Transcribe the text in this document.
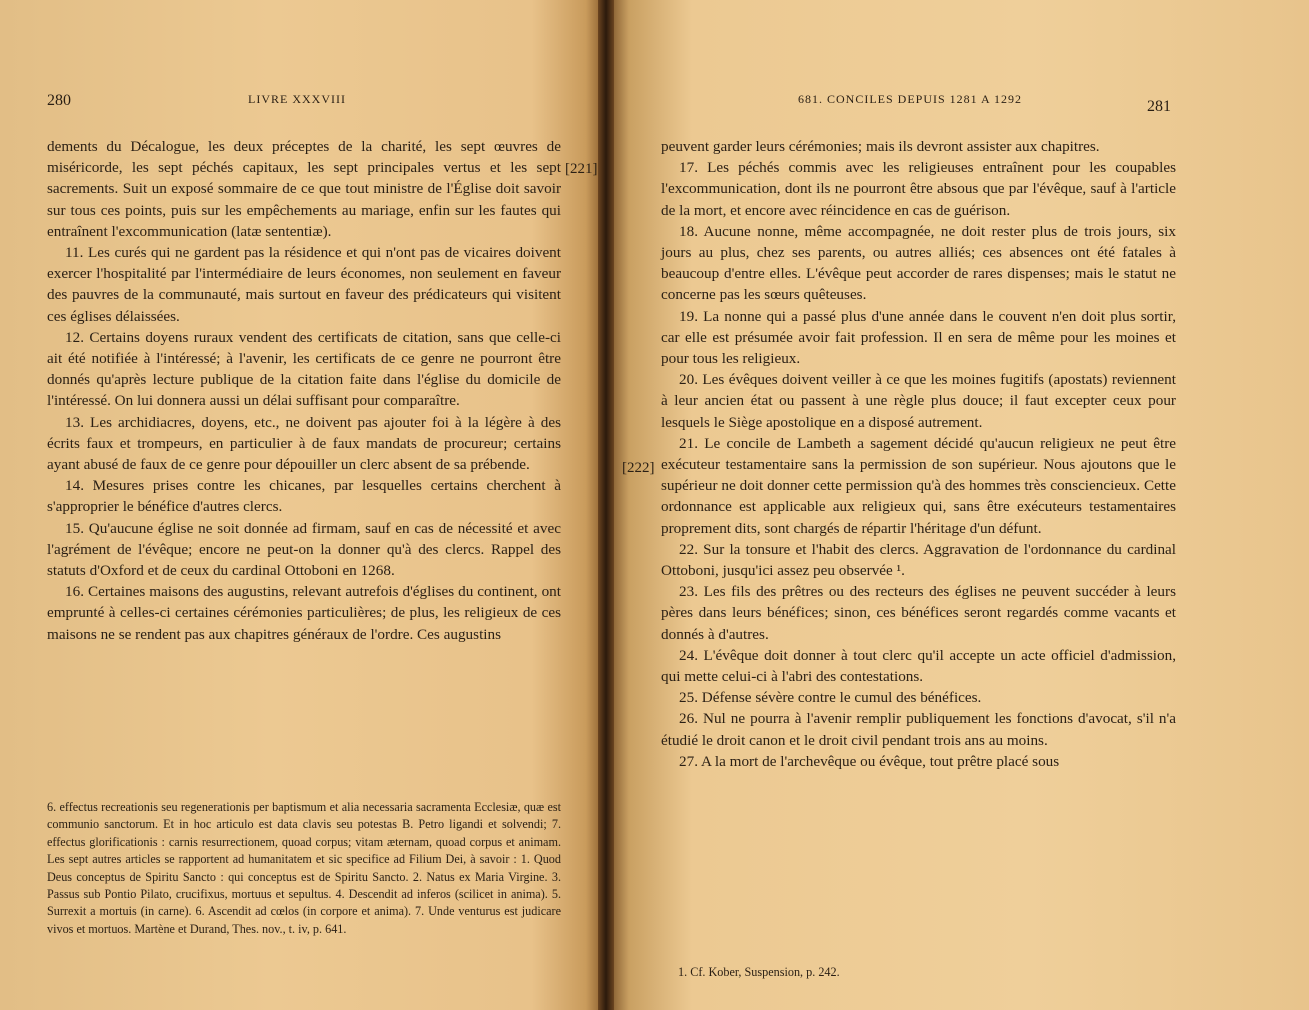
280	LIVRE XXXVIII

dements du Décalogue, les deux préceptes de la charité, les sept œuvres de miséricorde, les sept péchés capitaux, les sept principales vertus et les sept sacrements. Suit un exposé sommaire de ce que tout ministre de l'Église doit savoir sur tous ces points, puis sur les empêchements au mariage, enfin sur les fautes qui entraînent l'excommunication (latæ sententiæ).

11. Les curés qui ne gardent pas la résidence et qui n'ont pas de vicaires doivent exercer l'hospitalité par l'intermédiaire de leurs économes, non seulement en faveur des pauvres de la communauté, mais surtout en faveur des prédicateurs qui visitent ces églises délaissées.

12. Certains doyens ruraux vendent des certificats de citation, sans que celle-ci ait été notifiée à l'intéressé; à l'avenir, les certificats de ce genre ne pourront être donnés qu'après lecture publique de la citation faite dans l'église du domicile de l'intéressé. On lui donnera aussi un délai suffisant pour comparaître.

13. Les archidiacres, doyens, etc., ne doivent pas ajouter foi à la légère à des écrits faux et trompeurs, en particulier à de faux mandats de procureur; certains ayant abusé de faux de ce genre pour dépouiller un clerc absent de sa prébende.

14. Mesures prises contre les chicanes, par lesquelles certains cherchent à s'approprier le bénéfice d'autres clercs.

15. Qu'aucune église ne soit donnée ad firmam, sauf en cas de nécessité et avec l'agrément de l'évêque; encore ne peut-on la donner qu'à des clercs. Rappel des statuts d'Oxford et de ceux du cardinal Ottoboni en 1268.

16. Certaines maisons des augustins, relevant autrefois d'églises du continent, ont emprunté à celles-ci certaines cérémonies particulières; de plus, les religieux de ces maisons ne se rendent pas aux chapitres généraux de l'ordre. Ces augustins

[221]

6. effectus recreationis seu regenerationis per baptismum et alia necessaria sacramenta Ecclesiæ, quæ est communio sanctorum. Et in hoc articulo est data clavis seu potestas B. Petro ligandi et solvendi; 7. effectus glorificationis : carnis resurrectionem, quoad corpus; vitam æternam, quoad corpus et animam. Les sept autres articles se rapportent ad humanitatem et sic specifice ad Filium Dei, à savoir : 1. Quod Deus conceptus de Spiritu Sancto : qui conceptus est de Spiritu Sancto. 2. Natus ex Maria Virgine. 3. Passus sub Pontio Pilato, crucifixus, mortuus et sepultus. 4. Descendit ad inferos (scilicet in anima). 5. Surrexit a mortuis (in carne). 6. Ascendit ad cœlos (in corpore et anima). 7. Unde venturus est judicare vivos et mortuos. Martène et Durand, Thes. nov., t. iv, p. 641.

681. CONCILES DEPUIS 1281 A 1292	281
[222]

peuvent garder leurs cérémonies; mais ils devront assister aux chapitres.

17. Les péchés commis avec les religieuses entraînent pour les coupables l'excommunication, dont ils ne pourront être absous que par l'évêque, sauf à l'article de la mort, et encore avec réincidence en cas de guérison.

18. Aucune nonne, même accompagnée, ne doit rester plus de trois jours, six jours au plus, chez ses parents, ou autres alliés; ces absences ont été fatales à beaucoup d'entre elles. L'évêque peut accorder de rares dispenses; mais le statut ne concerne pas les sœurs quêteuses.

19. La nonne qui a passé plus d'une année dans le couvent n'en doit plus sortir, car elle est présumée avoir fait profession. Il en sera de même pour les moines et pour tous les religieux.

20. Les évêques doivent veiller à ce que les moines fugitifs (apostats) reviennent à leur ancien état ou passent à une règle plus douce; il faut excepter ceux pour lesquels le Siège apostolique en a disposé autrement.

21. Le concile de Lambeth a sagement décidé qu'aucun religieux ne peut être exécuteur testamentaire sans la permission de son supérieur. Nous ajoutons que le supérieur ne doit donner cette permission qu'à des hommes très consciencieux. Cette ordonnance est applicable aux religieux qui, sans être exécuteurs testamentaires proprement dits, sont chargés de répartir l'héritage d'un défunt.

22. Sur la tonsure et l'habit des clercs. Aggravation de l'ordonnance du cardinal Ottoboni, jusqu'ici assez peu observée ¹.

23. Les fils des prêtres ou des recteurs des églises ne peuvent succéder à leurs pères dans leurs bénéfices; sinon, ces bénéfices seront regardés comme vacants et donnés à d'autres.

24. L'évêque doit donner à tout clerc qu'il accepte un acte officiel d'admission, qui mette celui-ci à l'abri des contestations.

25. Défense sévère contre le cumul des bénéfices.

26. Nul ne pourra à l'avenir remplir publiquement les fonctions d'avocat, s'il n'a étudié le droit canon et le droit civil pendant trois ans au moins.

27. A la mort de l'archevêque ou évêque, tout prêtre placé sous

1. Cf. Kober, Suspension, p. 242.
